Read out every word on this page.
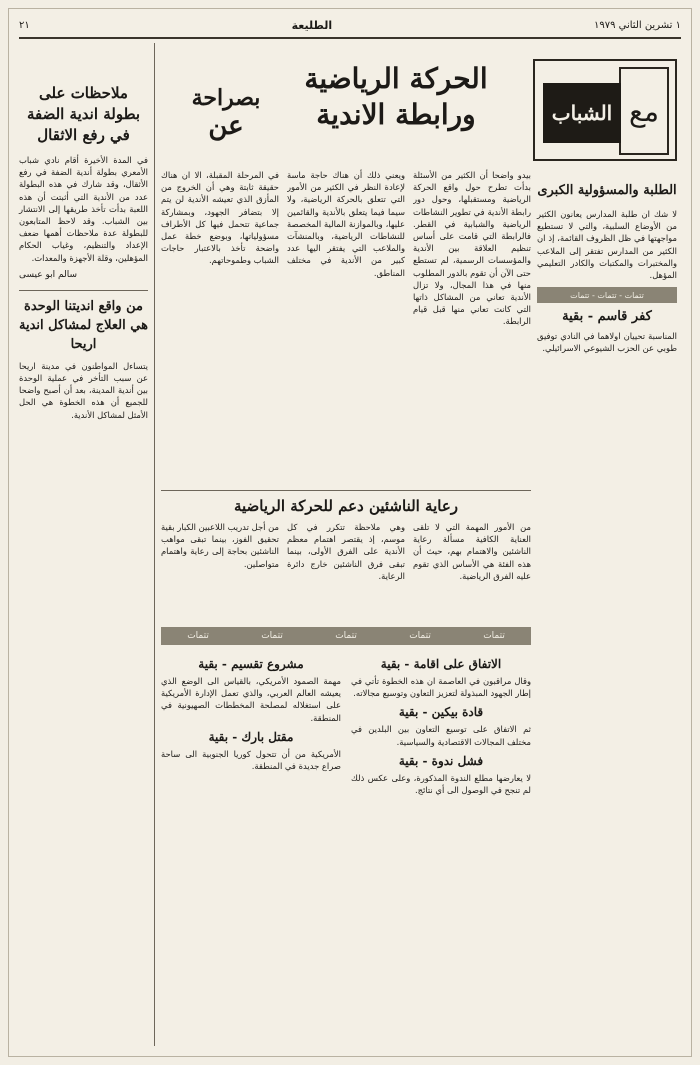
١ تشرين الثاني ١٩٧٩
الطليعة
٢١
مع
الشباب
الحركة الرياضية
ورابطة الاندية
بصراحة
عن
الطلبة والمسؤولية الكبرى
لا شك ان طلبة المدارس يعانون الكثير من الأوضاع السلبية، والتي لا تستطيع مواجهتها في ظل الظروف القائمة، إذ ان الكثير من المدارس تفتقر إلى الملاعب والمختبرات والمكتبات والكادر التعليمي المؤهل.
تتمات - تتمات - تتمات
كفر قاسم - بقية
المناسبة تحييان اولاهما في النادي توفيق طوبي عن الحزب الشيوعي الاسرائيلي.
بيدو واضحا أن الكثير من الأسئلة بدأت تطرح حول واقع الحركة الرياضية ومستقبلها، وحول دور رابطة الأندية في تطوير النشاطات الرياضية والشبابية في القطر. فالرابطة التي قامت على أساس تنظيم العلاقة بين الأندية والمؤسسات الرسمية، لم تستطع حتى الآن أن تقوم بالدور المطلوب منها في هذا المجال، ولا تزال الأندية تعاني من المشاكل ذاتها التي كانت تعاني منها قبل قيام الرابطة.
ويعني ذلك أن هناك حاجة ماسة لإعادة النظر في الكثير من الأمور التي تتعلق بالحركة الرياضية، ولا سيما فيما يتعلق بالأندية والقائمين عليها، وبالموازنة المالية المخصصة للنشاطات الرياضية، وبالمنشآت والملاعب التي يفتقر اليها عدد كبير من الأندية في مختلف المناطق.
في المرحلة المقبلة، الا ان هناك حقيقة ثابتة وهي أن الخروج من المأزق الذي تعيشه الأندية لن يتم إلا بتضافر الجهود، وبمشاركة جماعية تتحمل فيها كل الأطراف مسؤولياتها، وبوضع خطة عمل واضحة تأخذ بالاعتبار حاجات الشباب وطموحاتهم.
رعاية الناشئين دعم للحركة الرياضية
من الأمور المهمة التي لا تلقى العناية الكافية مسألة رعاية الناشئين والاهتمام بهم، حيث أن هذه الفئة هي الأساس الذي تقوم عليه الفرق الرياضية.
وهي ملاحظة تتكرر في كل موسم، إذ يقتصر اهتمام معظم الأندية على الفرق الأولى، بينما تبقى فرق الناشئين خارج دائرة الرعاية.
من أجل تدريب اللاعبين الكبار بقية تحقيق الفوز، بينما تبقى مواهب الناشئين بحاجة إلى رعاية واهتمام متواصلين.
تتمات
تتمات
تتمات
تتمات
تتمات
الاتفاق على اقامة - بقية
وقال مراقبون في العاصمة ان هذه الخطوة تأتي في إطار الجهود المبذولة لتعزيز التعاون وتوسيع مجالاته.
قادة بيكين - بقية
ثم الاتفاق على توسيع التعاون بين البلدين في مختلف المجالات الاقتصادية والسياسية.
فشل ندوة - بقية
لا يعارضها مطلع الندوة المذكورة، وعلى عكس ذلك لم تنجح في الوصول الى أي نتائج.
مشروع تقسيم - بقية
مهمة الصمود الأمريكي، بالقياس الى الوضع الذي يعيشه العالم العربي، والذي تعمل الإدارة الأمريكية على استغلاله لمصلحة المخططات الصهيونية في المنطقة.
مقتل بارك - بقية
الأمريكية من أن تتحول كوريا الجنوبية الى ساحة صراع جديدة في المنطقة.
ملاحظات على بطولة اندية الضفة في رفع الاثقال
في المدة الأخيرة أقام نادي شباب الأمعري بطولة أندية الضفة في رفع الأثقال، وقد شارك في هذه البطولة عدد من الأندية التي أثبتت أن هذه اللعبة بدأت تأخذ طريقها إلى الانتشار بين الشباب. وقد لاحظ المتابعون للبطولة عدة ملاحظات أهمها ضعف الإعداد والتنظيم، وغياب الحكام المؤهلين، وقلة الأجهزة والمعدات.
سالم ابو عيسى
من واقع انديتنا الوحدة هي العلاج لمشاكل اندية اريحا
يتساءل المواطنون في مدينة اريحا عن سبب التأخر في عملية الوحدة بين أندية المدينة، بعد أن أصبح واضحا للجميع أن هذه الخطوة هي الحل الأمثل لمشاكل الأندية.
